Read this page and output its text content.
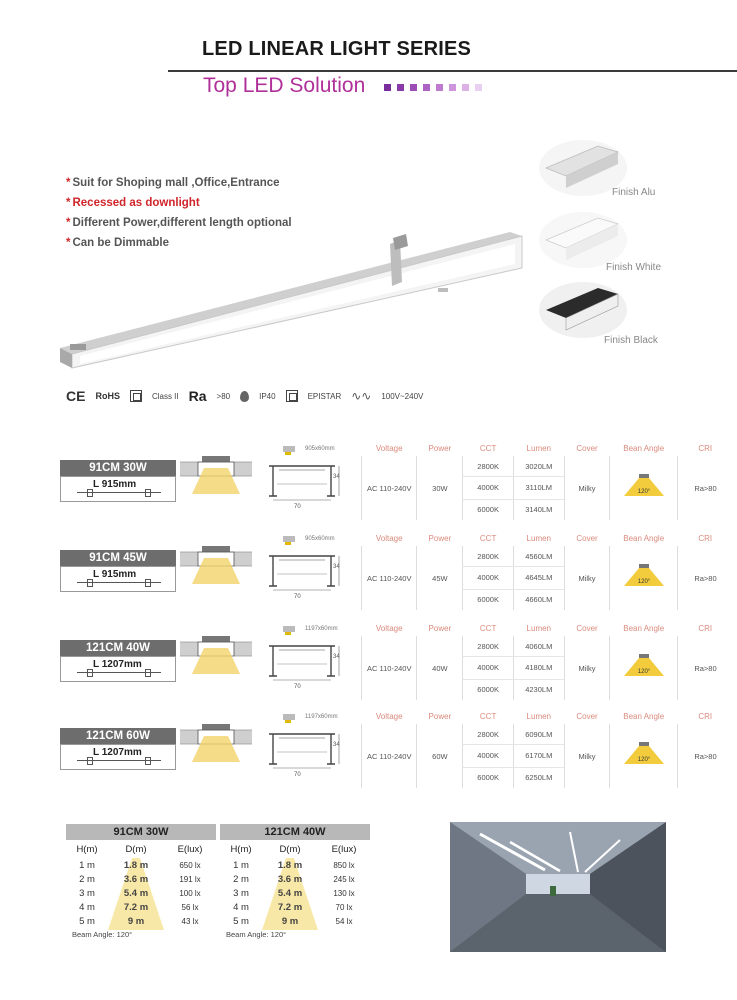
LED LINEAR LIGHT SERIES
Top LED Solution
* Suit for Shoping mall ,Office,Entrance
* Recessed as downlight
* Different Power,different length optional
* Can be Dimmable
Finish Alu
Finish White
Finish Black
CE RoHS	Class II Ra >80	IP40	EPISTAR ∿∿ 100V~240V
91CM 30W
L 915mm
905x60mm
34
70
Voltage	Power	CCT	Lumen	Cover	Bean Angle	CRI
AC 110-240V	30W	2800K	3020LM	Milky	120°	Ra>80
		4000K	3110LM			
		6000K	3140LM			
91CM 45W
L 915mm
905x60mm
34
70
Voltage	Power	CCT	Lumen	Cover	Bean Angle	CRI
AC 110-240V	45W	2800K	4560LM	Milky	120°	Ra>80
		4000K	4645LM			
		6000K	4660LM			
121CM 40W
L 1207mm
1197x60mm
34
70
Voltage	Power	CCT	Lumen	Cover	Bean Angle	CRI
AC 110-240V	40W	2800K	4060LM	Milky	120°	Ra>80
		4000K	4180LM			
		6000K	4230LM			
121CM 60W
L 1207mm
1197x60mm
34
70
Voltage	Power	CCT	Lumen	Cover	Bean Angle	CRI
AC 110-240V	60W	2800K	6090LM	Milky	120°	Ra>80
		4000K	6170LM			
		6000K	6250LM			
91CM 30W
H(m)	D(m)	E(lux)
1 m	1.8 m	650 lx
2 m	3.6 m	191 lx
3 m	5.4 m	100 lx
4 m	7.2 m	56 lx
5 m	9 m	43 lx
Beam Angle: 120°
121CM 40W
H(m)	D(m)	E(lux)
1 m	1.8 m	850 lx
2 m	3.6 m	245 lx
3 m	5.4 m	130 lx
4 m	7.2 m	70 lx
5 m	9 m	54 lx
Beam Angle: 120°
